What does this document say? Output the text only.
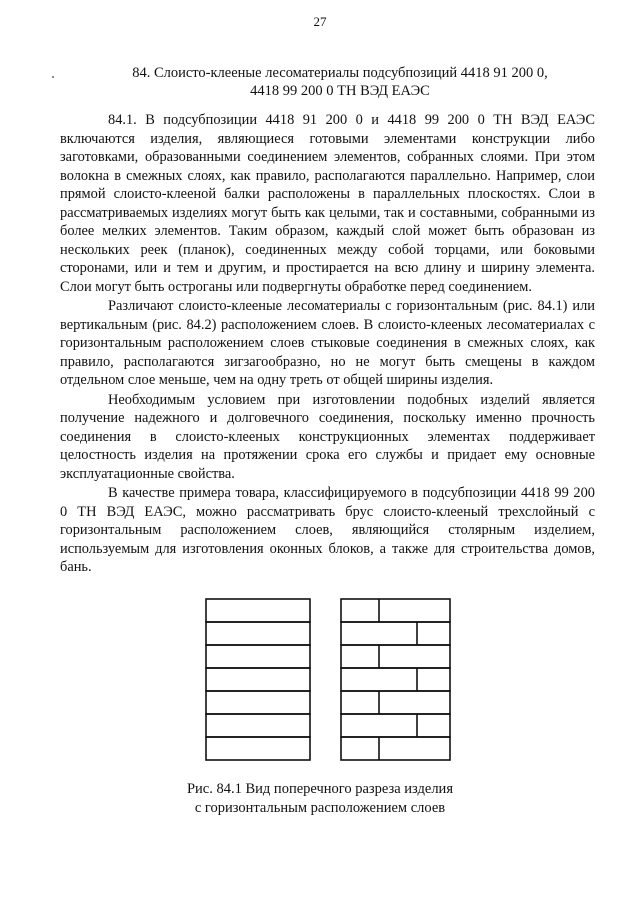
27
84. Слоисто-клееные лесоматериалы подсубпозиций 4418 91 200 0,
4418 99 200 0 ТН ВЭД ЕАЭС

84.1. В подсубпозиции 4418 91 200 0 и 4418 99 200 0 ТН ВЭД ЕАЭС включаются изделия, являющиеся готовыми элементами конструкции либо заготовками, образованными соединением элементов, собранных слоями. При этом волокна в смежных слоях, как правило, располагаются параллельно. Например, слои прямой слоисто-клееной балки расположены в параллельных плоскостях. Слои в рассматриваемых изделиях могут быть как целыми, так и составными, собранными из более мелких элементов. Таким образом, каждый слой может быть образован из нескольких реек (планок), соединенных между собой торцами, или боковыми сторонами, или и тем и другим, и простирается на всю длину и ширину элемента. Слои могут быть остроганы или подвергнуты обработке перед соединением.

Различают слоисто-клееные лесоматериалы с горизонтальным (рис. 84.1) или вертикальным (рис. 84.2) расположением слоев. В слоисто-клееных лесоматериалах с горизонтальным расположением слоев стыковые соединения в смежных слоях, как правило, располагаются зигзагообразно, но не могут быть смещены в каждом отдельном слое меньше, чем на одну треть от общей ширины изделия.

Необходимым условием при изготовлении подобных изделий является получение надежного и долговечного соединения, поскольку именно прочность соединения в слоисто-клееных конструкционных элементах поддерживает целостность изделия на протяжении срока его службы и придает ему основные эксплуатационные свойства.

В качестве примера товара, классифицируемого в подсубпозиции 4418 99 200 0 ТН ВЭД ЕАЭС, можно рассматривать брус слоисто-клееный трехслойный с горизонтальным расположением слоев, являющийся столярным изделием, используемым для изготовления оконных блоков, а также для строительства домов, бань.

Рис. 84.1 Вид поперечного разреза изделия
с горизонтальным расположением слоев
